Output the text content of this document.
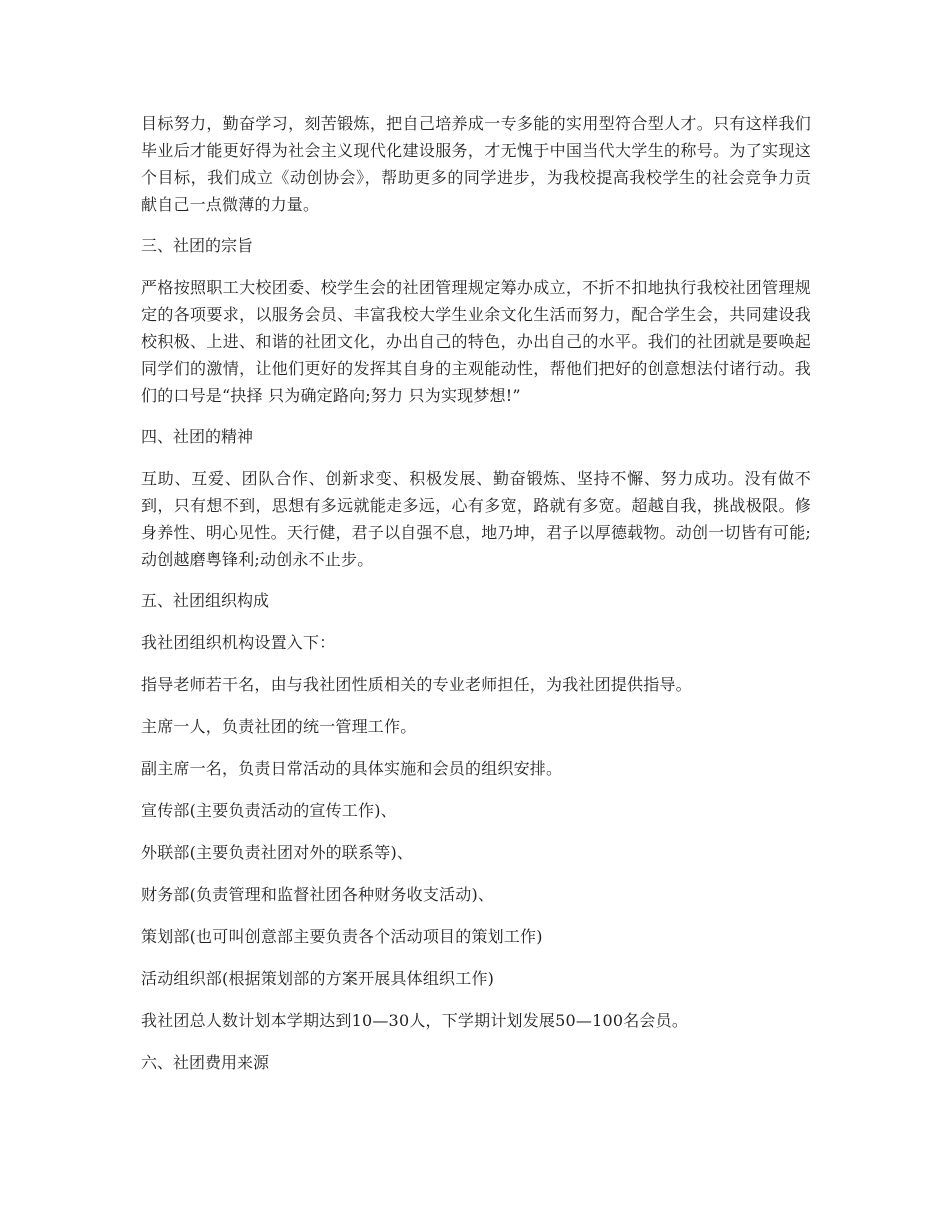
目标努力，勤奋学习，刻苦锻炼，把自己培养成一专多能的实用型符合型人才。只有这样我们毕业后才能更好得为社会主义现代化建设服务，才无愧于中国当代大学生的称号。为了实现这个目标，我们成立《动创协会》，帮助更多的同学进步，为我校提高我校学生的社会竞争力贡献自己一点微薄的力量。

三、社团的宗旨

严格按照职工大校团委、校学生会的社团管理规定筹办成立，不折不扣地执行我校社团管理规定的各项要求，以服务会员、丰富我校大学生业余文化生活而努力，配合学生会，共同建设我校积极、上进、和谐的社团文化，办出自己的特色，办出自己的水平。我们的社团就是要唤起同学们的激情，让他们更好的发挥其自身的主观能动性，帮他们把好的创意想法付诸行动。我们的口号是“抉择 只为确定路向;努力 只为实现梦想!”

四、社团的精神

互助、互爱、团队合作、创新求变、积极发展、勤奋锻炼、坚持不懈、努力成功。没有做不到，只有想不到，思想有多远就能走多远，心有多宽，路就有多宽。超越自我，挑战极限。修身养性、明心见性。天行健，君子以自强不息，地乃坤，君子以厚德载物。动创一切皆有可能;动创越磨粤锋利;动创永不止步。

五、社团组织构成

我社团组织机构设置入下：

指导老师若干名，由与我社团性质相关的专业老师担任，为我社团提供指导。

主席一人，负责社团的统一管理工作。

副主席一名，负责日常活动的具体实施和会员的组织安排。

宣传部(主要负责活动的宣传工作)、

外联部(主要负责社团对外的联系等)、

财务部(负责管理和监督社团各种财务收支活动)、

策划部(也可叫创意部主要负责各个活动项目的策划工作)

活动组织部(根据策划部的方案开展具体组织工作)

我社团总人数计划本学期达到10—30人，下学期计划发展50—100名会员。

六、社团费用来源
